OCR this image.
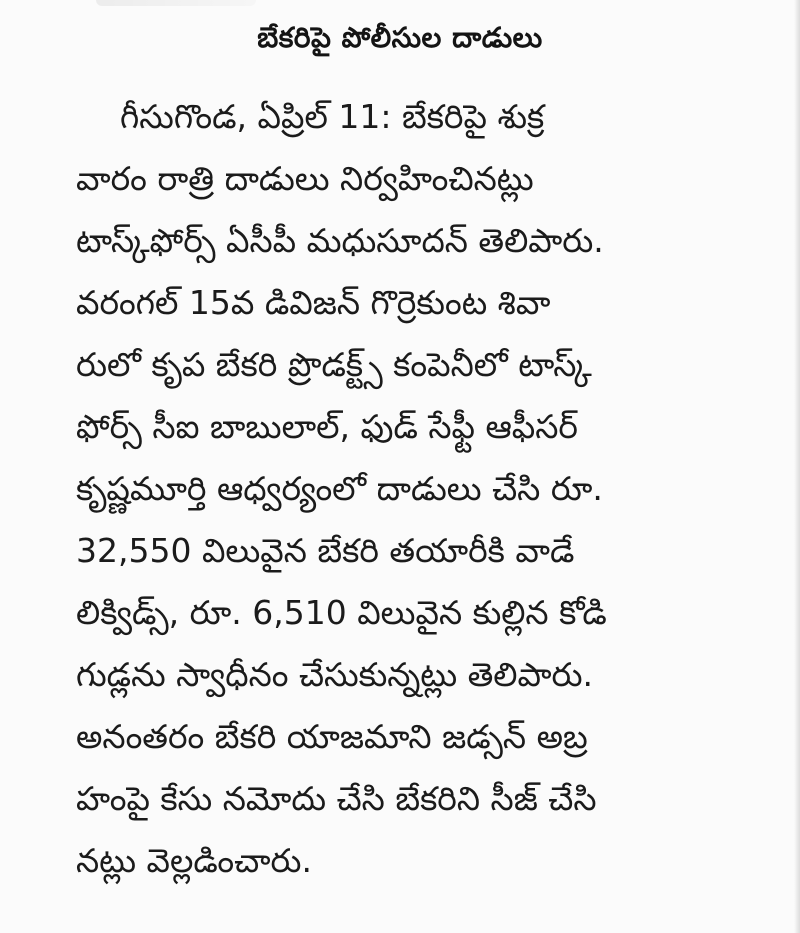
బేకరిపై పోలీసుల దాడులు
గీసుగొండ, ఏప్రిల్ 11: బేకరిపై శుక్ర
వారం రాత్రి దాడులు నిర్వహించినట్లు
టాస్క్‌ఫోర్స్ ఏసీపీ మధుసూదన్ తెలిపారు.
వరంగల్ 15వ డివిజన్ గొర్రెకుంట శివా
రులో కృప బేకరి ప్రొడక్ట్స్ కంపెనీలో టాస్క్
ఫోర్స్ సీఐ బాబులాల్, ఫుడ్ సేఫ్టీ ఆఫీసర్
కృష్ణమూర్తి ఆధ్వర్యంలో దాడులు చేసి రూ.
32,550 విలువైన బేకరి తయారీకి వాడే
లిక్విడ్స్, రూ. 6,510 విలువైన కుల్లిన కోడి
గుడ్లను స్వాధీనం చేసుకున్నట్లు తెలిపారు.
అనంతరం బేకరి యాజమాని జడ్సన్ అబ్ర
హంపై కేసు నమోదు చేసి బేకరిని సీజ్ చేసి
నట్లు వెల్లడించారు.
